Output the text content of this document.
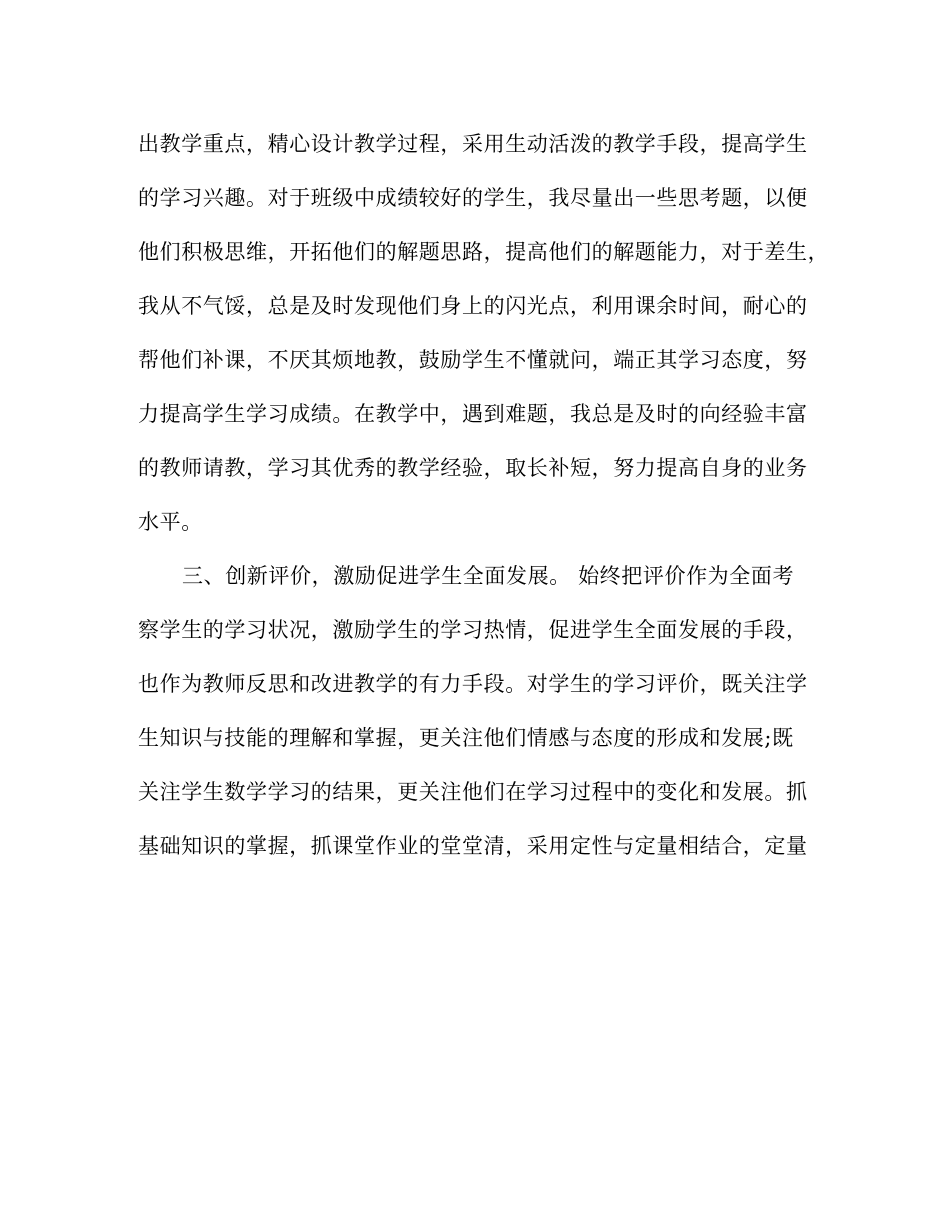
出教学重点，精心设计教学过程，采用生动活泼的教学手段，提高学生

的学习兴趣。对于班级中成绩较好的学生，我尽量出一些思考题，以便

他们积极思维，开拓他们的解题思路，提高他们的解题能力，对于差生，

我从不气馁，总是及时发现他们身上的闪光点，利用课余时间，耐心的

帮他们补课，不厌其烦地教，鼓励学生不懂就问，端正其学习态度，努

力提高学生学习成绩。在教学中，遇到难题，我总是及时的向经验丰富

的教师请教，学习其优秀的教学经验，取长补短，努力提高自身的业务

水平。

三、创新评价，激励促进学生全面发展。 始终把评价作为全面考

察学生的学习状况，激励学生的学习热情，促进学生全面发展的手段，

也作为教师反思和改进教学的有力手段。对学生的学习评价，既关注学

生知识与技能的理解和掌握，更关注他们情感与态度的形成和发展;既

关注学生数学学习的结果，更关注他们在学习过程中的变化和发展。抓

基础知识的掌握，抓课堂作业的堂堂清，采用定性与定量相结合，定量
